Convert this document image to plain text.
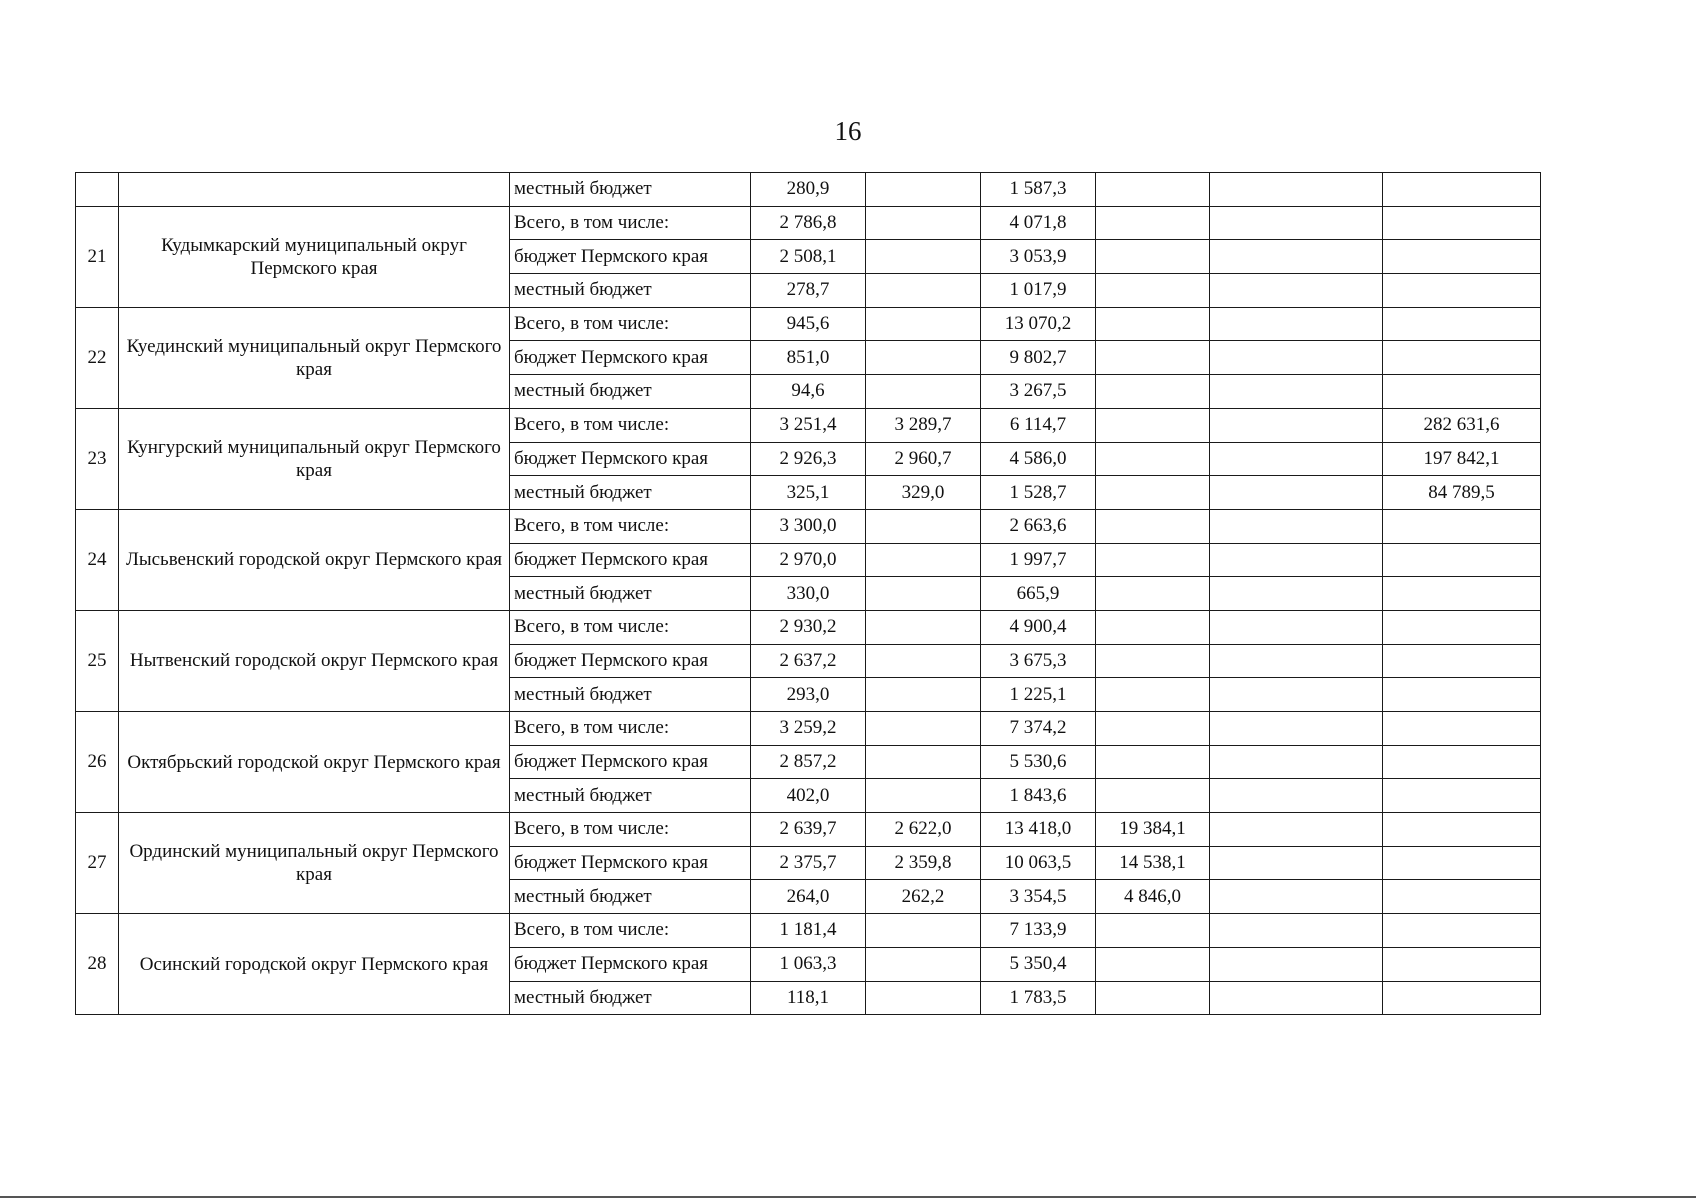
16
		местный бюджет	280,9		1 587,3			
21	Кудымкарский муниципальный округ Пермского края	Всего, в том числе:	2 786,8		4 071,8			
		бюджет Пермского края	2 508,1		3 053,9			
		местный бюджет	278,7		1 017,9			
22	Куединский муниципальный округ Пермского края	Всего, в том числе:	945,6		13 070,2			
		бюджет Пермского края	851,0		9 802,7			
		местный бюджет	94,6		3 267,5			
23	Кунгурский муниципальный округ Пермского края	Всего, в том числе:	3 251,4	3 289,7	6 114,7			282 631,6
		бюджет Пермского края	2 926,3	2 960,7	4 586,0			197 842,1
		местный бюджет	325,1	329,0	1 528,7			84 789,5
24	Лысьвенский городской округ Пермского края	Всего, в том числе:	3 300,0		2 663,6			
		бюджет Пермского края	2 970,0		1 997,7			
		местный бюджет	330,0		665,9			
25	Нытвенский городской округ Пермского края	Всего, в том числе:	2 930,2		4 900,4			
		бюджет Пермского края	2 637,2		3 675,3			
		местный бюджет	293,0		1 225,1			
26	Октябрьский городской округ Пермского края	Всего, в том числе:	3 259,2		7 374,2			
		бюджет Пермского края	2 857,2		5 530,6			
		местный бюджет	402,0		1 843,6			
27	Ординский муниципальный округ Пермского края	Всего, в том числе:	2 639,7	2 622,0	13 418,0	19 384,1		
		бюджет Пермского края	2 375,7	2 359,8	10 063,5	14 538,1		
		местный бюджет	264,0	262,2	3 354,5	4 846,0		
28	Осинский городской округ Пермского края	Всего, в том числе:	1 181,4		7 133,9			
		бюджет Пермского края	1 063,3		5 350,4			
		местный бюджет	118,1		1 783,5			
